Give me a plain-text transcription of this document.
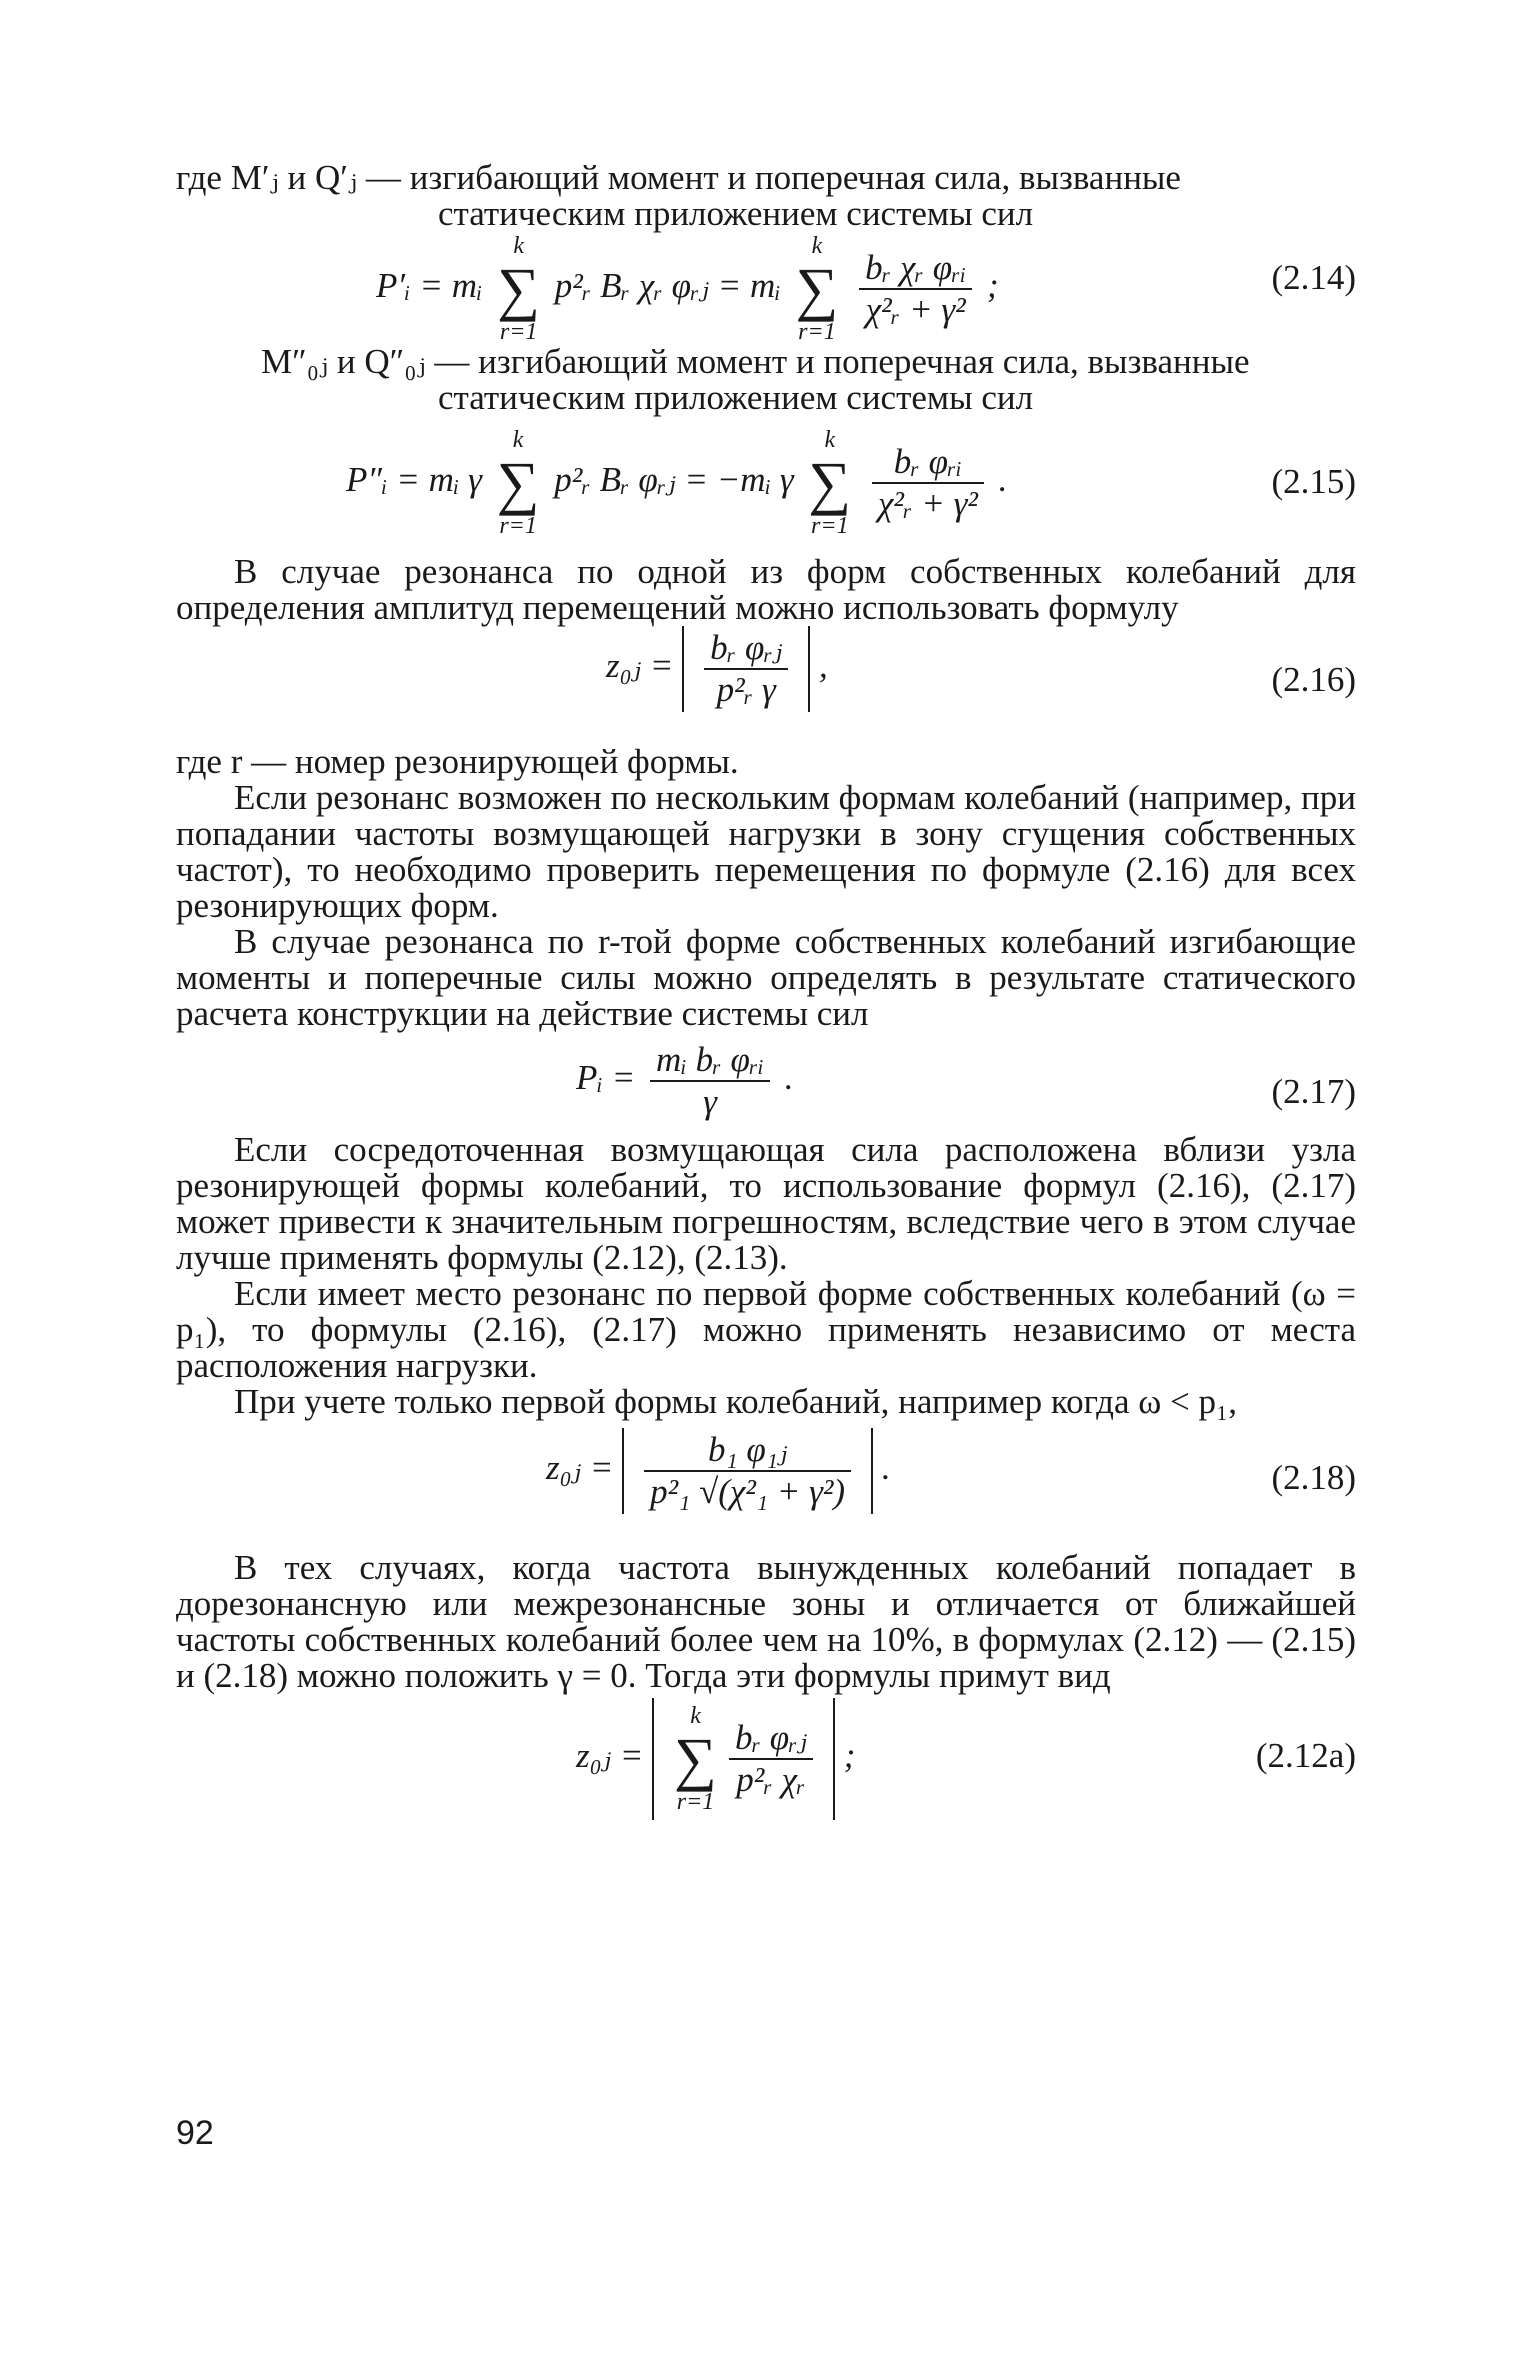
где M′ⱼ и Q′ⱼ — изгибающий момент и поперечная сила, вызванные

статическим приложением системы сил

P′ᵢ = mᵢ
k
∑
r=1
p²ᵣ Bᵣ χᵣ φᵣⱼ = mᵢ
k
∑
r=1

$\frac{\text{bᵣ χᵣ φᵣᵢ}}{\text{χ²ᵣ + γ²}}$ ;	(2.14)

M″₀ⱼ и Q″₀ⱼ — изгибающий момент и поперечная сила, вызванные

статическим приложением системы сил

P″ᵢ = mᵢ γ
k
∑
r=1
p²ᵣ Bᵣ φᵣⱼ = −mᵢ γ
k
∑
r=1

$\frac{\text{bᵣ φᵣᵢ}}{\text{χ²ᵣ + γ²}}$ .	(2.15)

В случае резонанса по одной из форм собственных колебаний для определения амплитуд перемещений можно использовать формулу

z₀ⱼ = $\frac{\text{bᵣ φᵣⱼ}}{\text{p²ᵣ γ}}$ ,	(2.16)

где r — номер резонирующей формы.

Если резонанс возможен по нескольким формам колебаний (например, при попадании частоты возмущающей нагрузки в зону сгущения собственных частот), то необходимо проверить перемещения по формуле (2.16) для всех резонирующих форм.

В случае резонанса по r-той форме собственных колебаний изгибающие моменты и поперечные силы можно определять в результате статического расчета конструкции на действие системы сил

Pᵢ = $\frac{\text{mᵢ bᵣ φᵣᵢ}}{\gamma}$ .	(2.17)

Если сосредоточенная возмущающая сила расположена вблизи узла резонирующей формы колебаний, то использование формул (2.16), (2.17) может привести к значительным погрешностям, вследствие чего в этом случае лучше применять формулы (2.12), (2.13).

Если имеет место резонанс по первой форме собственных колебаний (ω = p₁), то формулы (2.16), (2.17) можно применять независимо от места расположения нагрузки.

При учете только первой формы колебаний, например когда ω < p₁,

z₀ⱼ = $\frac{\text{b₁ φ₁ⱼ}}{\text{p²₁ √(χ²₁ + γ²)}}$ .	(2.18)

В тех случаях, когда частота вынужденных колебаний попадает в дорезонансную или межрезонансные зоны и отличается от ближайшей частоты собственных колебаний более чем на 10%, в формулах (2.12) — (2.15) и (2.18) можно положить γ = 0. Тогда эти формулы примут вид

z₀ⱼ =
k
∑
r=1
$\frac{\text{bᵣ φᵣⱼ}}{\text{p²ᵣ χᵣ}}$ ;	(2.12a)
92
